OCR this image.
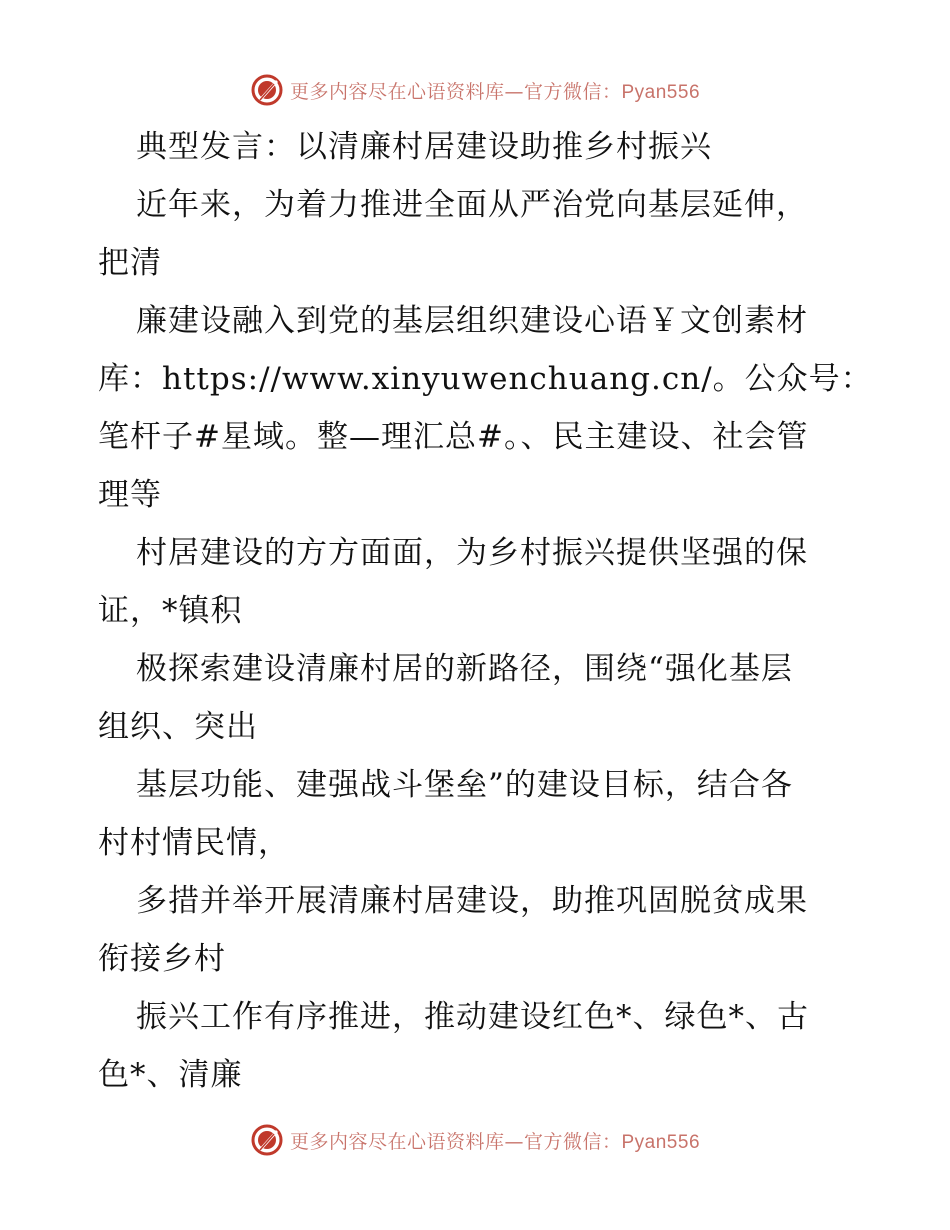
更多内容尽在心语资料库—官方微信：Pyan556
典型发言：以清廉村居建设助推乡村振兴
近年来，为着力推进全面从严治党向基层延伸，
把清
廉建设融入到党的基层组织建设心语￥文创素材
库：https://www.xinyuwenchuang.cn/。公众号：
笔杆子#星域。整—理汇总#。、民主建设、社会管
理等
村居建设的方方面面，为乡村振兴提供坚强的保
证，*镇积
极探索建设清廉村居的新路径，围绕“强化基层
组织、突出
基层功能、建强战斗堡垒”的建设目标，结合各
村村情民情，
多措并举开展清廉村居建设，助推巩固脱贫成果
衔接乡村
振兴工作有序推进，推动建设红色*、绿色*、古
色*、清廉
更多内容尽在心语资料库—官方微信：Pyan556
